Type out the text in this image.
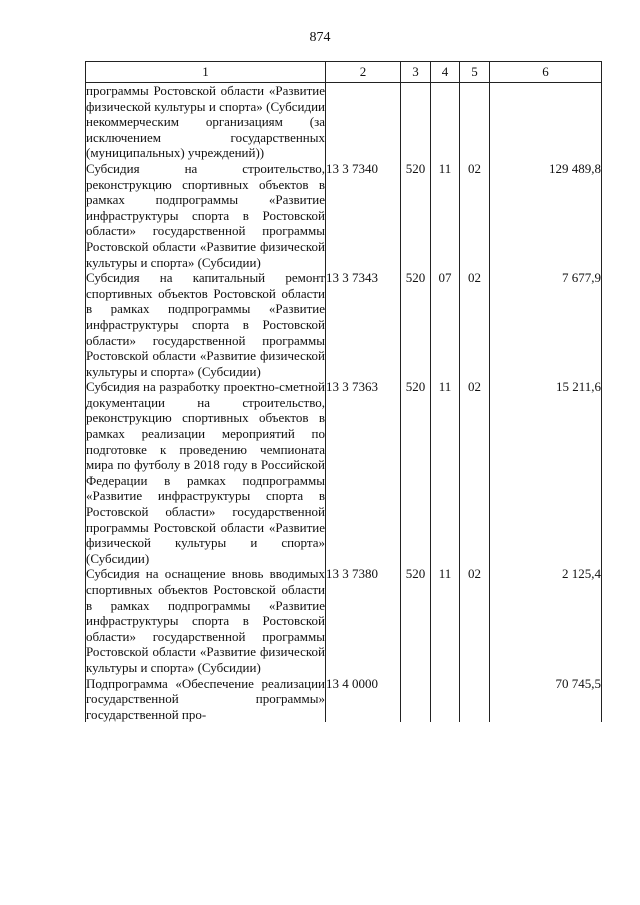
874
1	2	3	4	5	6
программы Ростовской области «Развитие физической культуры и спорта» (Субсидии некоммерческим организациям (за исключением государственных (муниципальных) учреждений))					
Субсидия на строительство, реконструкцию спортивных объектов в рамках подпрограммы «Развитие инфраструктуры спорта в Ростовской области» государственной программы Ростовской области «Развитие физической культуры и спорта» (Субсидии)	13 3 7340	520	11	02	129 489,8
Субсидия на капитальный ремонт спортивных объектов Ростовской области в рамках подпрограммы «Развитие инфраструктуры спорта в Ростовской области» государственной программы Ростовской области «Развитие физической культуры и спорта» (Субсидии)	13 3 7343	520	07	02	7 677,9
Субсидия на разработку проектно-сметной документации на строительство, реконструкцию спортивных объектов в рамках реализации мероприятий по подготовке к проведению чемпионата мира по футболу в 2018 году в Российской Федерации в рамках подпрограммы «Развитие инфраструктуры спорта в Ростовской области» государственной программы Ростовской области «Развитие физической культуры и спорта» (Субсидии)	13 3 7363	520	11	02	15 211,6
Субсидия на оснащение вновь вводимых спортивных объектов Ростовской области в рамках подпрограммы «Развитие инфраструктуры спорта в Ростовской области» государственной программы Ростовской области «Развитие физической культуры и спорта» (Субсидии)	13 3 7380	520	11	02	2 125,4
Подпрограмма «Обеспечение реализации государственной программы» государственной про-	13 4 0000				70 745,5
